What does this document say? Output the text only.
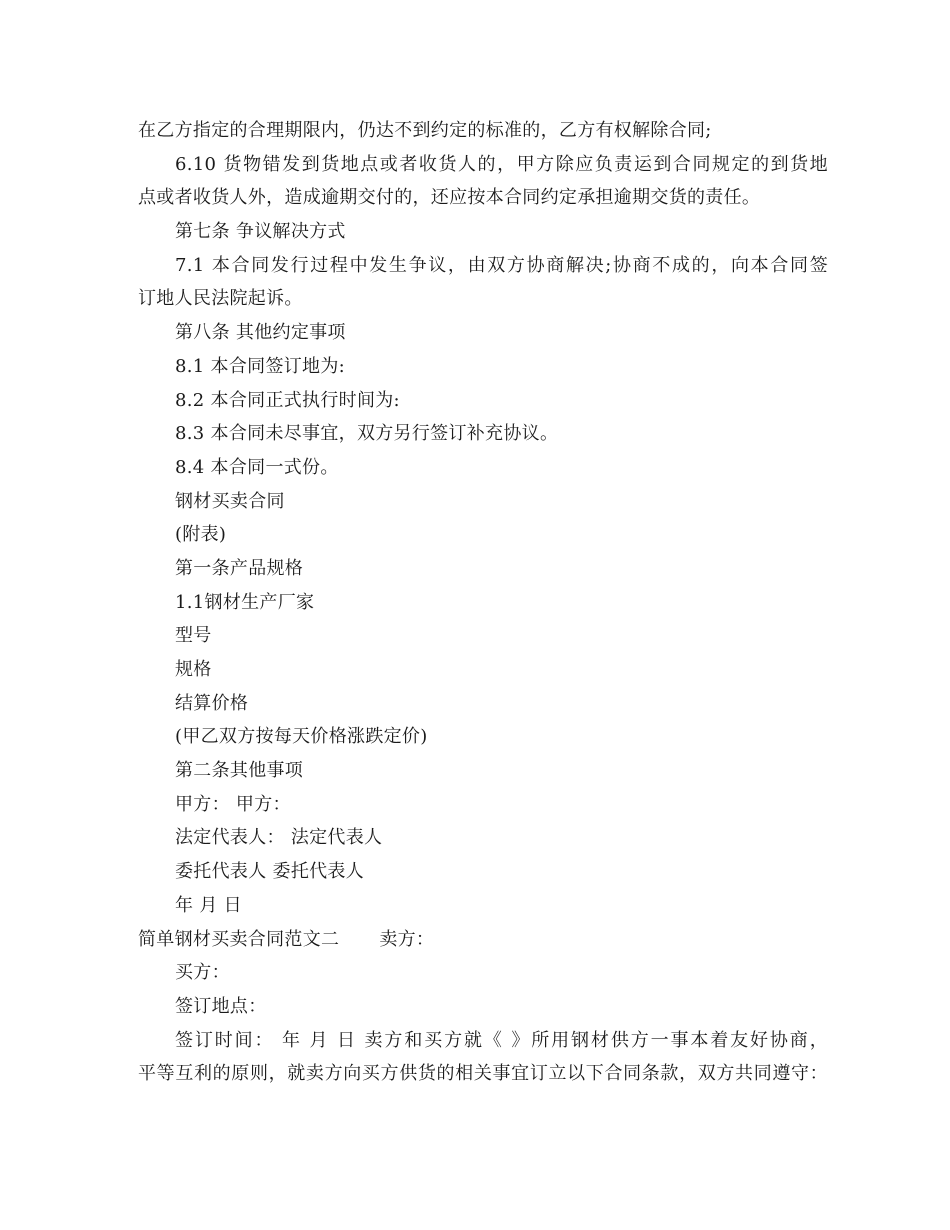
在乙方指定的合理期限内，仍达不到约定的标准的，乙方有权解除合同;
6.10 货物错发到货地点或者收货人的，甲方除应负责运到合同规定的到货地
点或者收货人外，造成逾期交付的，还应按本合同约定承担逾期交货的责任。
第七条 争议解决方式
7.1 本合同发行过程中发生争议，由双方协商解决;协商不成的，向本合同签
订地人民法院起诉。
第八条 其他约定事项
8.1 本合同签订地为:
8.2 本合同正式执行时间为:
8.3 本合同未尽事宜，双方另行签订补充协议。
8.4 本合同一式份。
钢材买卖合同
(附表)
第一条产品规格
1.1钢材生产厂家
型号
规格
结算价格
(甲乙双方按每天价格涨跌定价)
第二条其他事项
甲方： 甲方：
法定代表人： 法定代表人
委托代表人 委托代表人
年 月 日
简单钢材买卖合同范文二 卖方：
买方：
签订地点：
签订时间： 年 月 日 卖方和买方就《 》所用钢材供方一事本着友好协商，
平等互利的原则，就卖方向买方供货的相关事宜订立以下合同条款，双方共同遵守：
